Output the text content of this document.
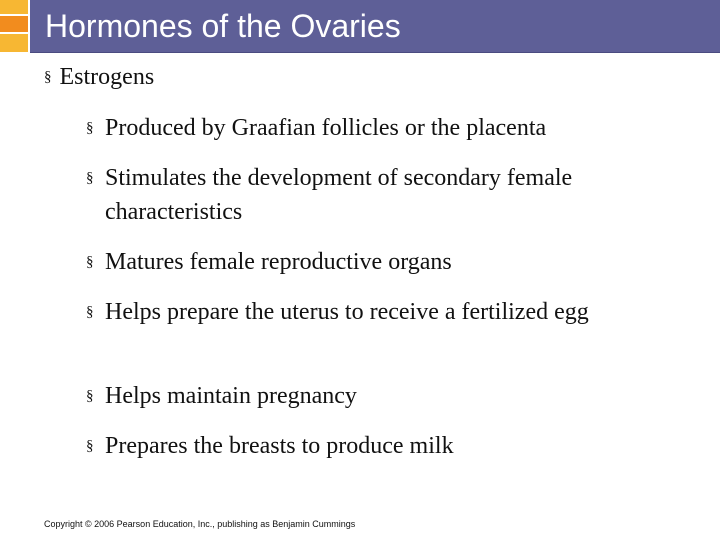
Hormones of the Ovaries
§ Estrogens
§ Produced by Graafian follicles or the placenta
§ Stimulates the development of secondary female characteristics
§ Matures female reproductive organs
§ Helps prepare the uterus to receive a fertilized egg
§ Helps maintain pregnancy
§ Prepares the breasts to produce milk
Copyright © 2006 Pearson Education, Inc., publishing as Benjamin Cummings
